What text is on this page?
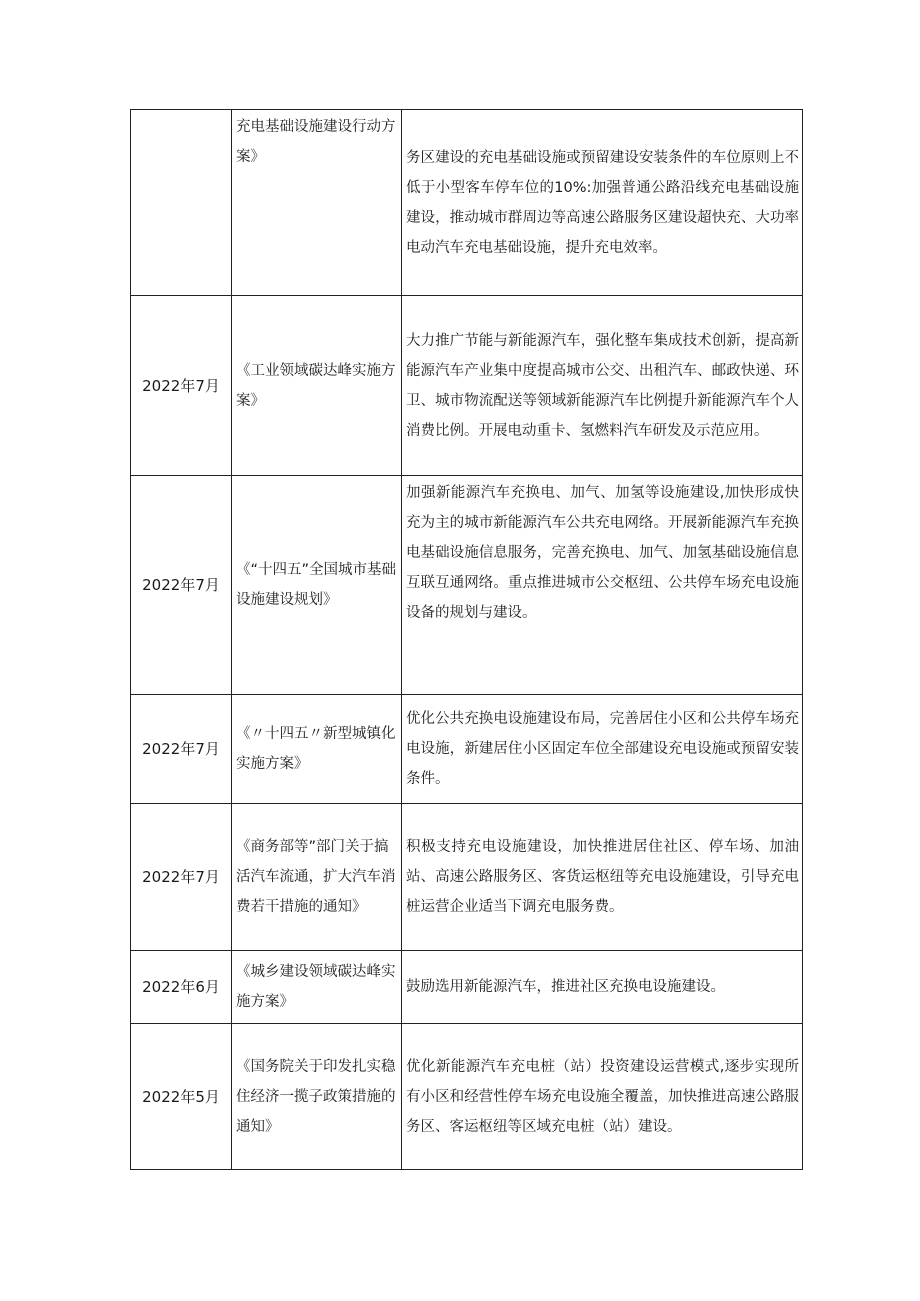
	充电基础设施建设行动方案》	务区建设的充电基础设施或预留建设安装条件的车位原则上不低于小型客车停车位的10%:加强普通公路沿线充电基础设施建设，推动城市群周边等高速公路服务区建设超快充、大功率电动汽车充电基础设施，提升充电效率。
2022年7月	《工业领域碳达峰实施方案》	大力推广节能与新能源汽车，强化整车集成技术创新，提高新能源汽车产业集中度提高城市公交、出租汽车、邮政快递、环卫、城市物流配送等领域新能源汽车比例提升新能源汽车个人消费比例。开展电动重卡、氢燃料汽车研发及示范应用。
2022年7月	《“十四五”全国城市基础设施建设规划》	加强新能源汽车充换电、加气、加氢等设施建设,加快形成快充为主的城市新能源汽车公共充电网络。开展新能源汽车充换电基础设施信息服务，完善充换电、加气、加氢基础设施信息互联互通网络。重点推进城市公交枢纽、公共停车场充电设施设备的规划与建设。
2022年7月	《〃十四五〃新型城镇化实施方案》	优化公共充换电设施建设布局，完善居住小区和公共停车场充电设施，新建居住小区固定车位全部建设充电设施或预留安装条件。
2022年7月	《商务部等”部门关于搞活汽车流通，扩大汽车消费若干措施的通知》	积极支持充电设施建设，加快推进居住社区、停车场、加油站、高速公路服务区、客货运枢纽等充电设施建设，引导充电桩运营企业适当下调充电服务费。
2022年6月	《城乡建设领域碳达峰实施方案》	鼓励选用新能源汽车，推进社区充换电设施建设。
2022年5月	《国务院关于印发扎实稳住经济一揽子政策措施的通知》	优化新能源汽车充电桩（站）投资建设运营模式,逐步实现所有小区和经营性停车场充电设施全覆盖，加快推进高速公路服务区、客运枢纽等区域充电桩（站）建设。
